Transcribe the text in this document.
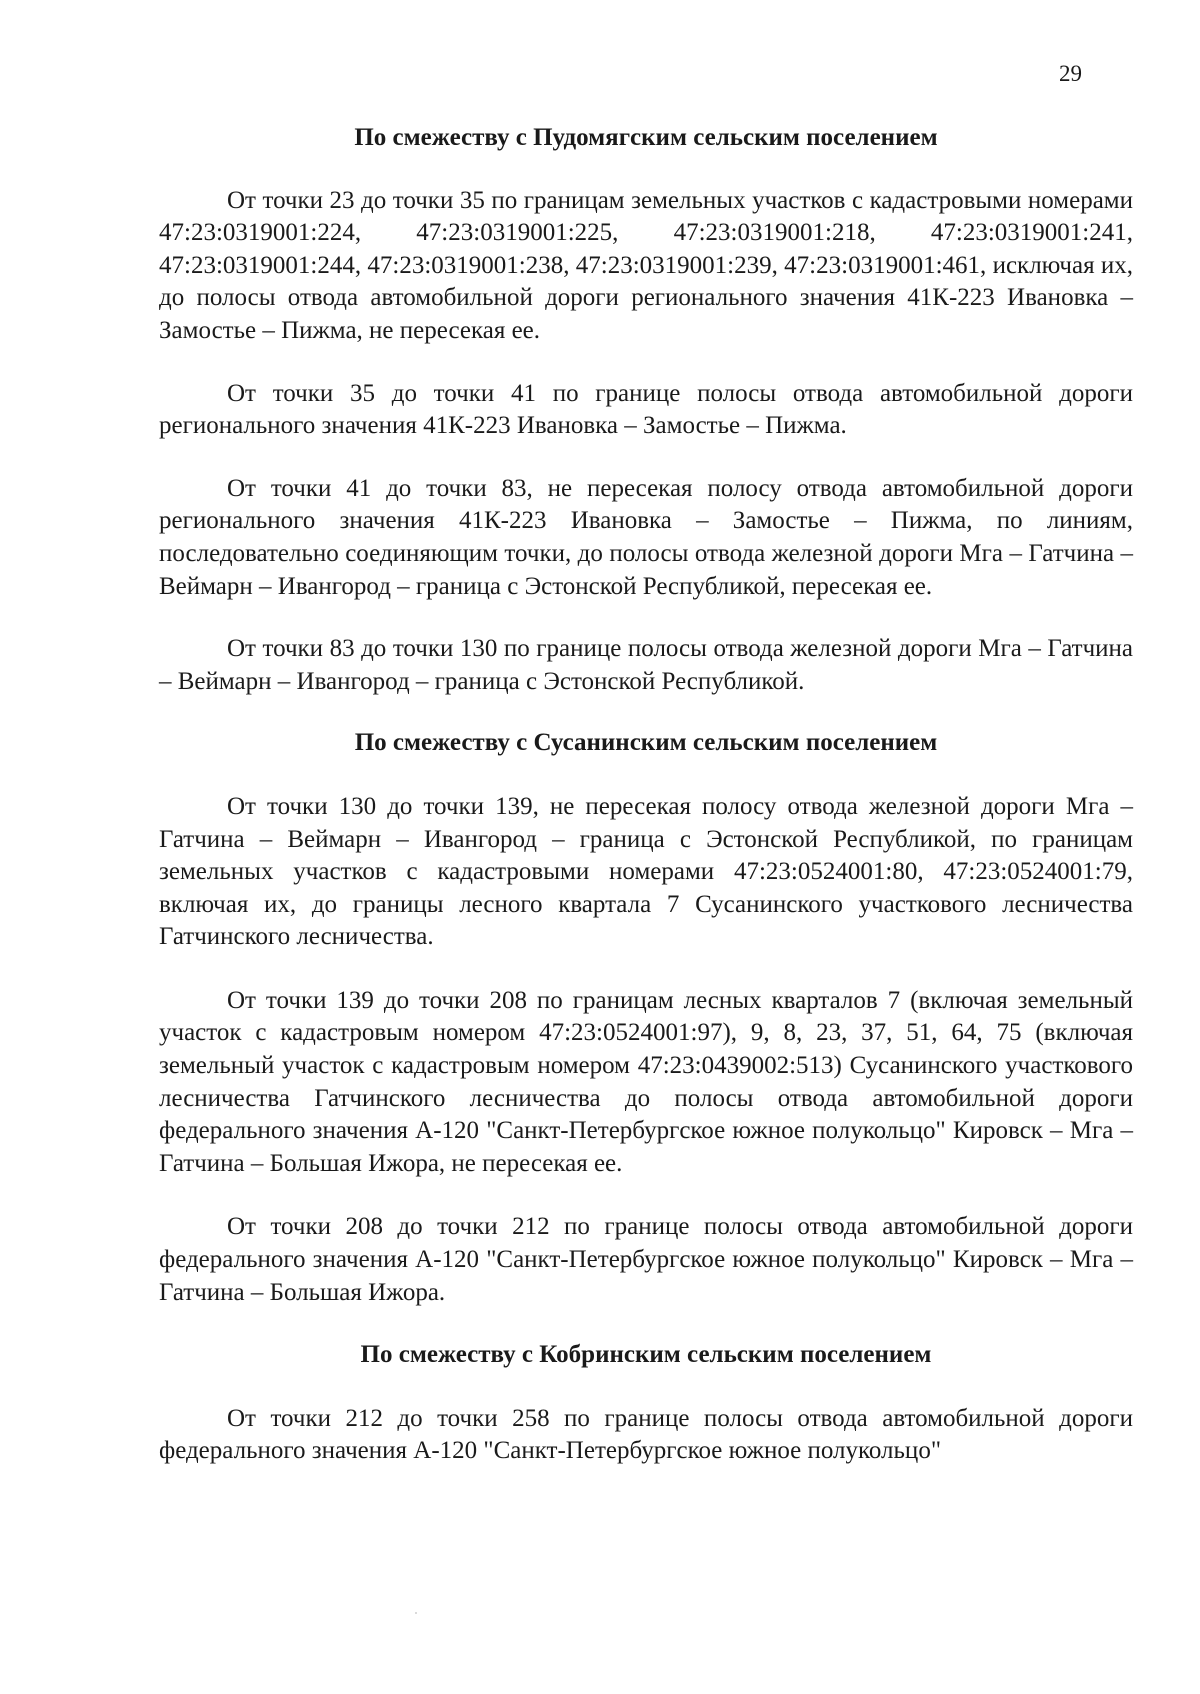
29

По смежеству с Пудомягским сельским поселением

От точки 23 до точки 35 по границам земельных участков с кадастровыми номерами 47:23:0319001:224, 47:23:0319001:225, 47:23:0319001:218, 47:23:0319001:241, 47:23:0319001:244, 47:23:0319001:238, 47:23:0319001:239, 47:23:0319001:461, исключая их, до полосы отвода автомобильной дороги регионального значения 41К-223 Ивановка – Замостье – Пижма, не пересекая ее.

От точки 35 до точки 41 по границе полосы отвода автомобильной дороги регионального значения 41К-223 Ивановка – Замостье – Пижма.

От точки 41 до точки 83, не пересекая полосу отвода автомобильной дороги регионального значения 41К-223 Ивановка – Замостье – Пижма, по линиям, последовательно соединяющим точки, до полосы отвода железной дороги Мга – Гатчина – Веймарн – Ивангород – граница с Эстонской Республикой, пересекая ее.

От точки 83 до точки 130 по границе полосы отвода железной дороги Мга – Гатчина – Веймарн – Ивангород – граница с Эстонской Республикой.

По смежеству с Сусанинским сельским поселением

От точки 130 до точки 139, не пересекая полосу отвода железной дороги Мга – Гатчина – Веймарн – Ивангород – граница с Эстонской Республикой, по границам земельных участков с кадастровыми номерами 47:23:0524001:80, 47:23:0524001:79, включая их, до границы лесного квартала 7 Сусанинского участкового лесничества Гатчинского лесничества.

От точки 139 до точки 208 по границам лесных кварталов 7 (включая земельный участок с кадастровым номером 47:23:0524001:97), 9, 8, 23, 37, 51, 64, 75 (включая земельный участок с кадастровым номером 47:23:0439002:513) Сусанинского участкового лесничества Гатчинского лесничества до полосы отвода автомобильной дороги федерального значения А-120 "Санкт-Петербургское южное полукольцо" Кировск – Мга – Гатчина – Большая Ижора, не пересекая ее.

От точки 208 до точки 212 по границе полосы отвода автомобильной дороги федерального значения А-120 "Санкт-Петербургское южное полукольцо" Кировск – Мга – Гатчина – Большая Ижора.

По смежеству с Кобринским сельским поселением

От точки 212 до точки 258 по границе полосы отвода автомобильной дороги федерального значения А-120 "Санкт-Петербургское южное полукольцо"
